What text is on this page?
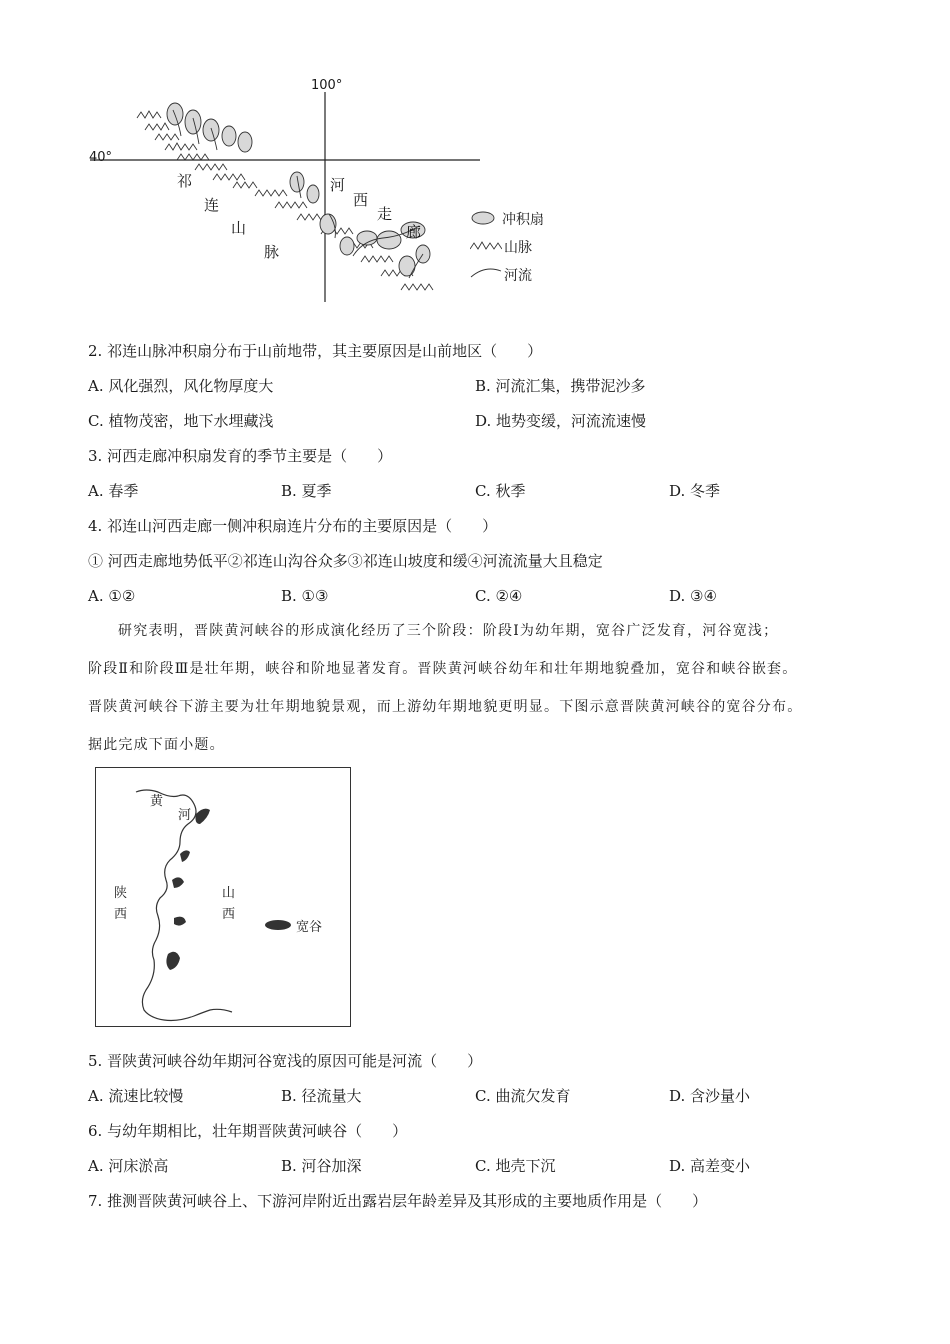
100°
40°
祁
连
山
脉
河
西
走
廊
冲积扇
山脉
河流
2. 祁连山脉冲积扇分布于山前地带，其主要原因是山前地区（　　）
A. 风化强烈，风化物厚度大	B. 河流汇集，携带泥沙多
C. 植物茂密，地下水埋藏浅	D. 地势变缓，河流流速慢
3. 河西走廊冲积扇发育的季节主要是（　　）
A. 春季	B. 夏季	C. 秋季	D. 冬季
4. 祁连山河西走廊一侧冲积扇连片分布的主要原因是（　　）
① 河西走廊地势低平②祁连山沟谷众多③祁连山坡度和缓④河流流量大且稳定
A. ①②	B. ①③	C. ②④	D. ③④
研究表明，晋陕黄河峡谷的形成演化经历了三个阶段：阶段Ⅰ为幼年期，宽谷广泛发育，河谷宽浅；
阶段Ⅱ和阶段Ⅲ是壮年期，峡谷和阶地显著发育。晋陕黄河峡谷幼年和壮年期地貌叠加，宽谷和峡谷嵌套。
晋陕黄河峡谷下游主要为壮年期地貌景观，而上游幼年期地貌更明显。下图示意晋陕黄河峡谷的宽谷分布。
据此完成下面小题。
黄
河
陕
西
山
西
宽谷
5. 晋陕黄河峡谷幼年期河谷宽浅的原因可能是河流（　　）
A. 流速比较慢	B. 径流量大	C. 曲流欠发育	D. 含沙量小
6. 与幼年期相比，壮年期晋陕黄河峡谷（　　）
A. 河床淤高	B. 河谷加深	C. 地壳下沉	D. 高差变小
7. 推测晋陕黄河峡谷上、下游河岸附近出露岩层年龄差异及其形成的主要地质作用是（　　）
